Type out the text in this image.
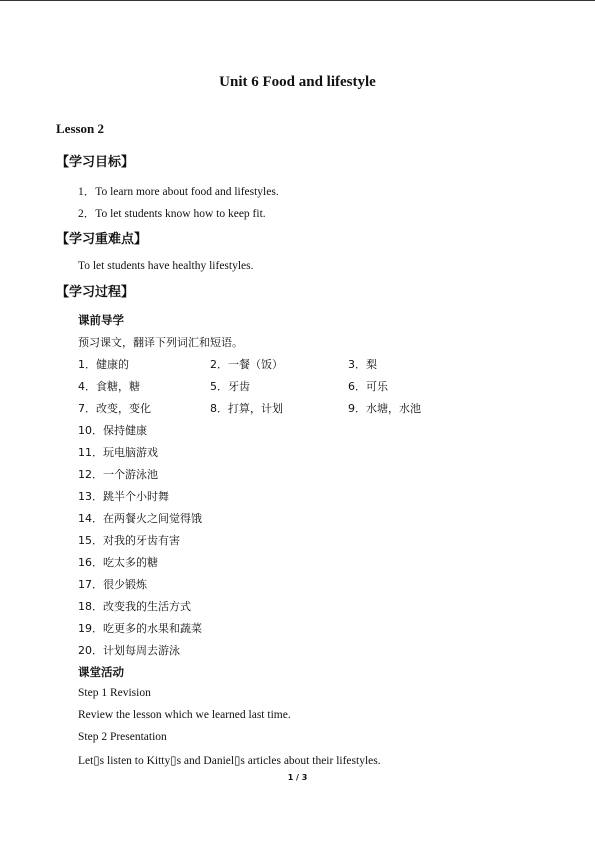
Unit 6 Food and lifestyle
Lesson 2
【学习目标】
1．To learn more about food and lifestyles.
2．To let students know how to keep fit.
【学习重难点】
To let students have healthy lifestyles.
【学习过程】
课前导学
预习课文，翻译下列词汇和短语。
1．健康的	2．一餐（饭）	3．梨
4．食糖，糖	5．牙齿	6．可乐
7．改变，变化	8．打算，计划	9．水塘，水池
10．保持健康
11．玩电脑游戏
12．一个游泳池
13．跳半个小时舞
14．在两餐火之间觉得饿
15．对我的牙齿有害
16．吃太多的糖
17．很少锻炼
18．改变我的生活方式
19．吃更多的水果和蔬菜
20．计划每周去游泳
课堂活动
Step 1 Revision
Review the lesson which we learned last time.
Step 2 Presentation
Let▯s listen to Kitty▯s and Daniel▯s articles about their lifestyles.
1 / 3
